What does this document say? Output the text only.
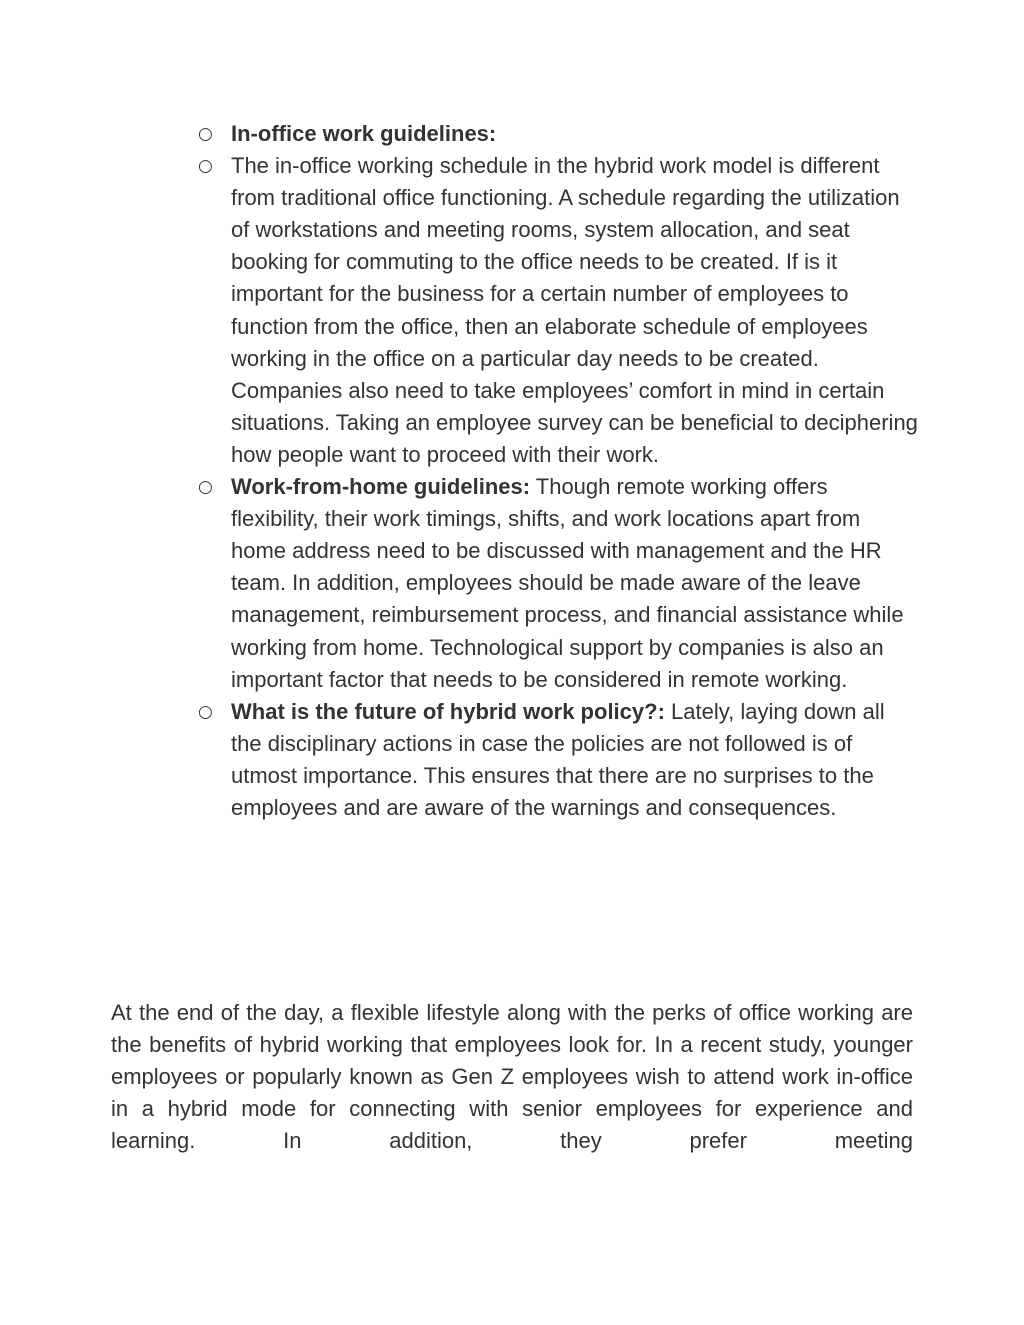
○ In-office work guidelines:
○ The in-office working schedule in the hybrid work model is different from traditional office functioning. A schedule regarding the utilization of workstations and meeting rooms, system allocation, and seat booking for commuting to the office needs to be created. If is it important for the business for a certain number of employees to function from the office, then an elaborate schedule of employees working in the office on a particular day needs to be created. Companies also need to take employees’ comfort in mind in certain situations. Taking an employee survey can be beneficial to deciphering how people want to proceed with their work.
○ Work-from-home guidelines: Though remote working offers flexibility, their work timings, shifts, and work locations apart from home address need to be discussed with management and the HR team. In addition, employees should be made aware of the leave management, reimbursement process, and financial assistance while working from home. Technological support by companies is also an important factor that needs to be considered in remote working.
○ What is the future of hybrid work policy?: Lately, laying down all the disciplinary actions in case the policies are not followed is of utmost importance. This ensures that there are no surprises to the employees and are aware of the warnings and consequences.

At the end of the day, a flexible lifestyle along with the perks of office working are the benefits of hybrid working that employees look for. In a recent study, younger employees or popularly known as Gen Z employees wish to attend work in-office in a hybrid mode for connecting with senior employees for experience and learning. In addition, they prefer meeting
